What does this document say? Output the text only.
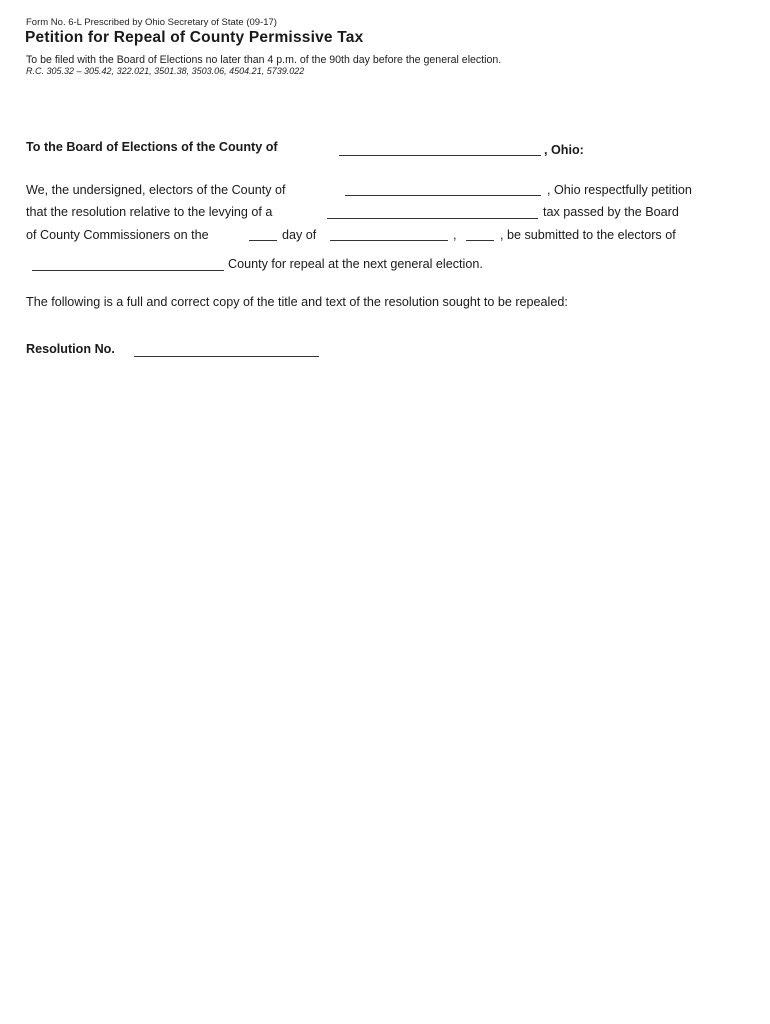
Form No. 6-L Prescribed by Ohio Secretary of State (09-17)
Petition for Repeal of County Permissive Tax
To be filed with the Board of Elections no later than 4 p.m. of the 90th day before the general election.
R.C. 305.32 – 305.42, 322.021, 3501.38, 3503.06, 4504.21, 5739.022
To the Board of Elections of the County of	, Ohio:
We, the undersigned, electors of the County of	, Ohio respectfully petition
that the resolution relative to the levying of a	tax passed by the Board
of County Commissioners on the	day of	,	, be submitted to the electors of
County for repeal at the next general election.
The following is a full and correct copy of the title and text of the resolution sought to be repealed:
Resolution No.
